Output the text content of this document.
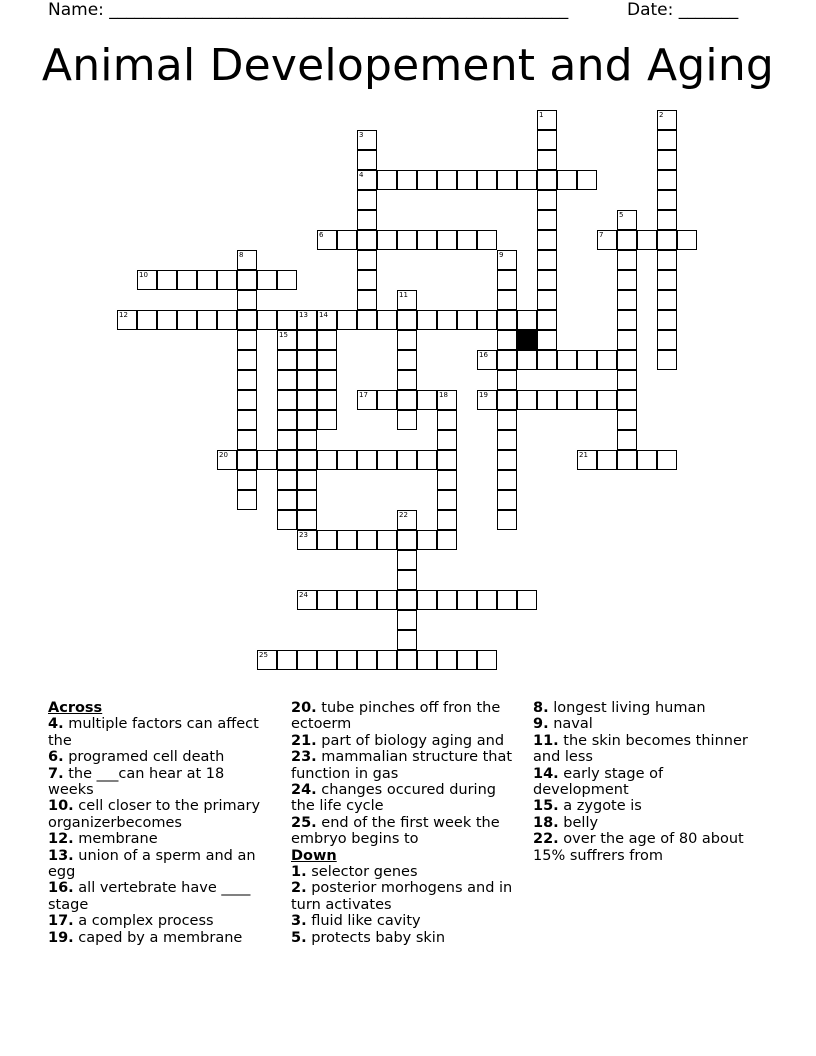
Name: ______________________________________________________	Date: _______
Animal Developement and Aging
4
6	7
10
12	13 14
16
17	19
20	21
23
24
25
1	2
3
5
8	9
11
15
18
22
Across
4. multiple factors can affect the
6. programed cell death
7. the ___can hear at 18 weeks
10. cell closer to the primary organizerbecomes
12. membrane
13. union of a sperm and an egg
16. all vertebrate have ____ stage
17. a complex process
19. caped by a membrane
20. tube pinches off fron the ectoerm
21. part of biology aging and
23. mammalian structure that function in gas
24. changes occured during the life cycle
25. end of the first week the embryo begins to
Down
1. selector genes
2. posterior morhogens and in turn activates
3. fluid like cavity
5. protects baby skin
8. longest living human
9. naval
11. the skin becomes thinner and less
14. early stage of development
15. a zygote is
18. belly
22. over the age of 80 about 15% suffrers from
